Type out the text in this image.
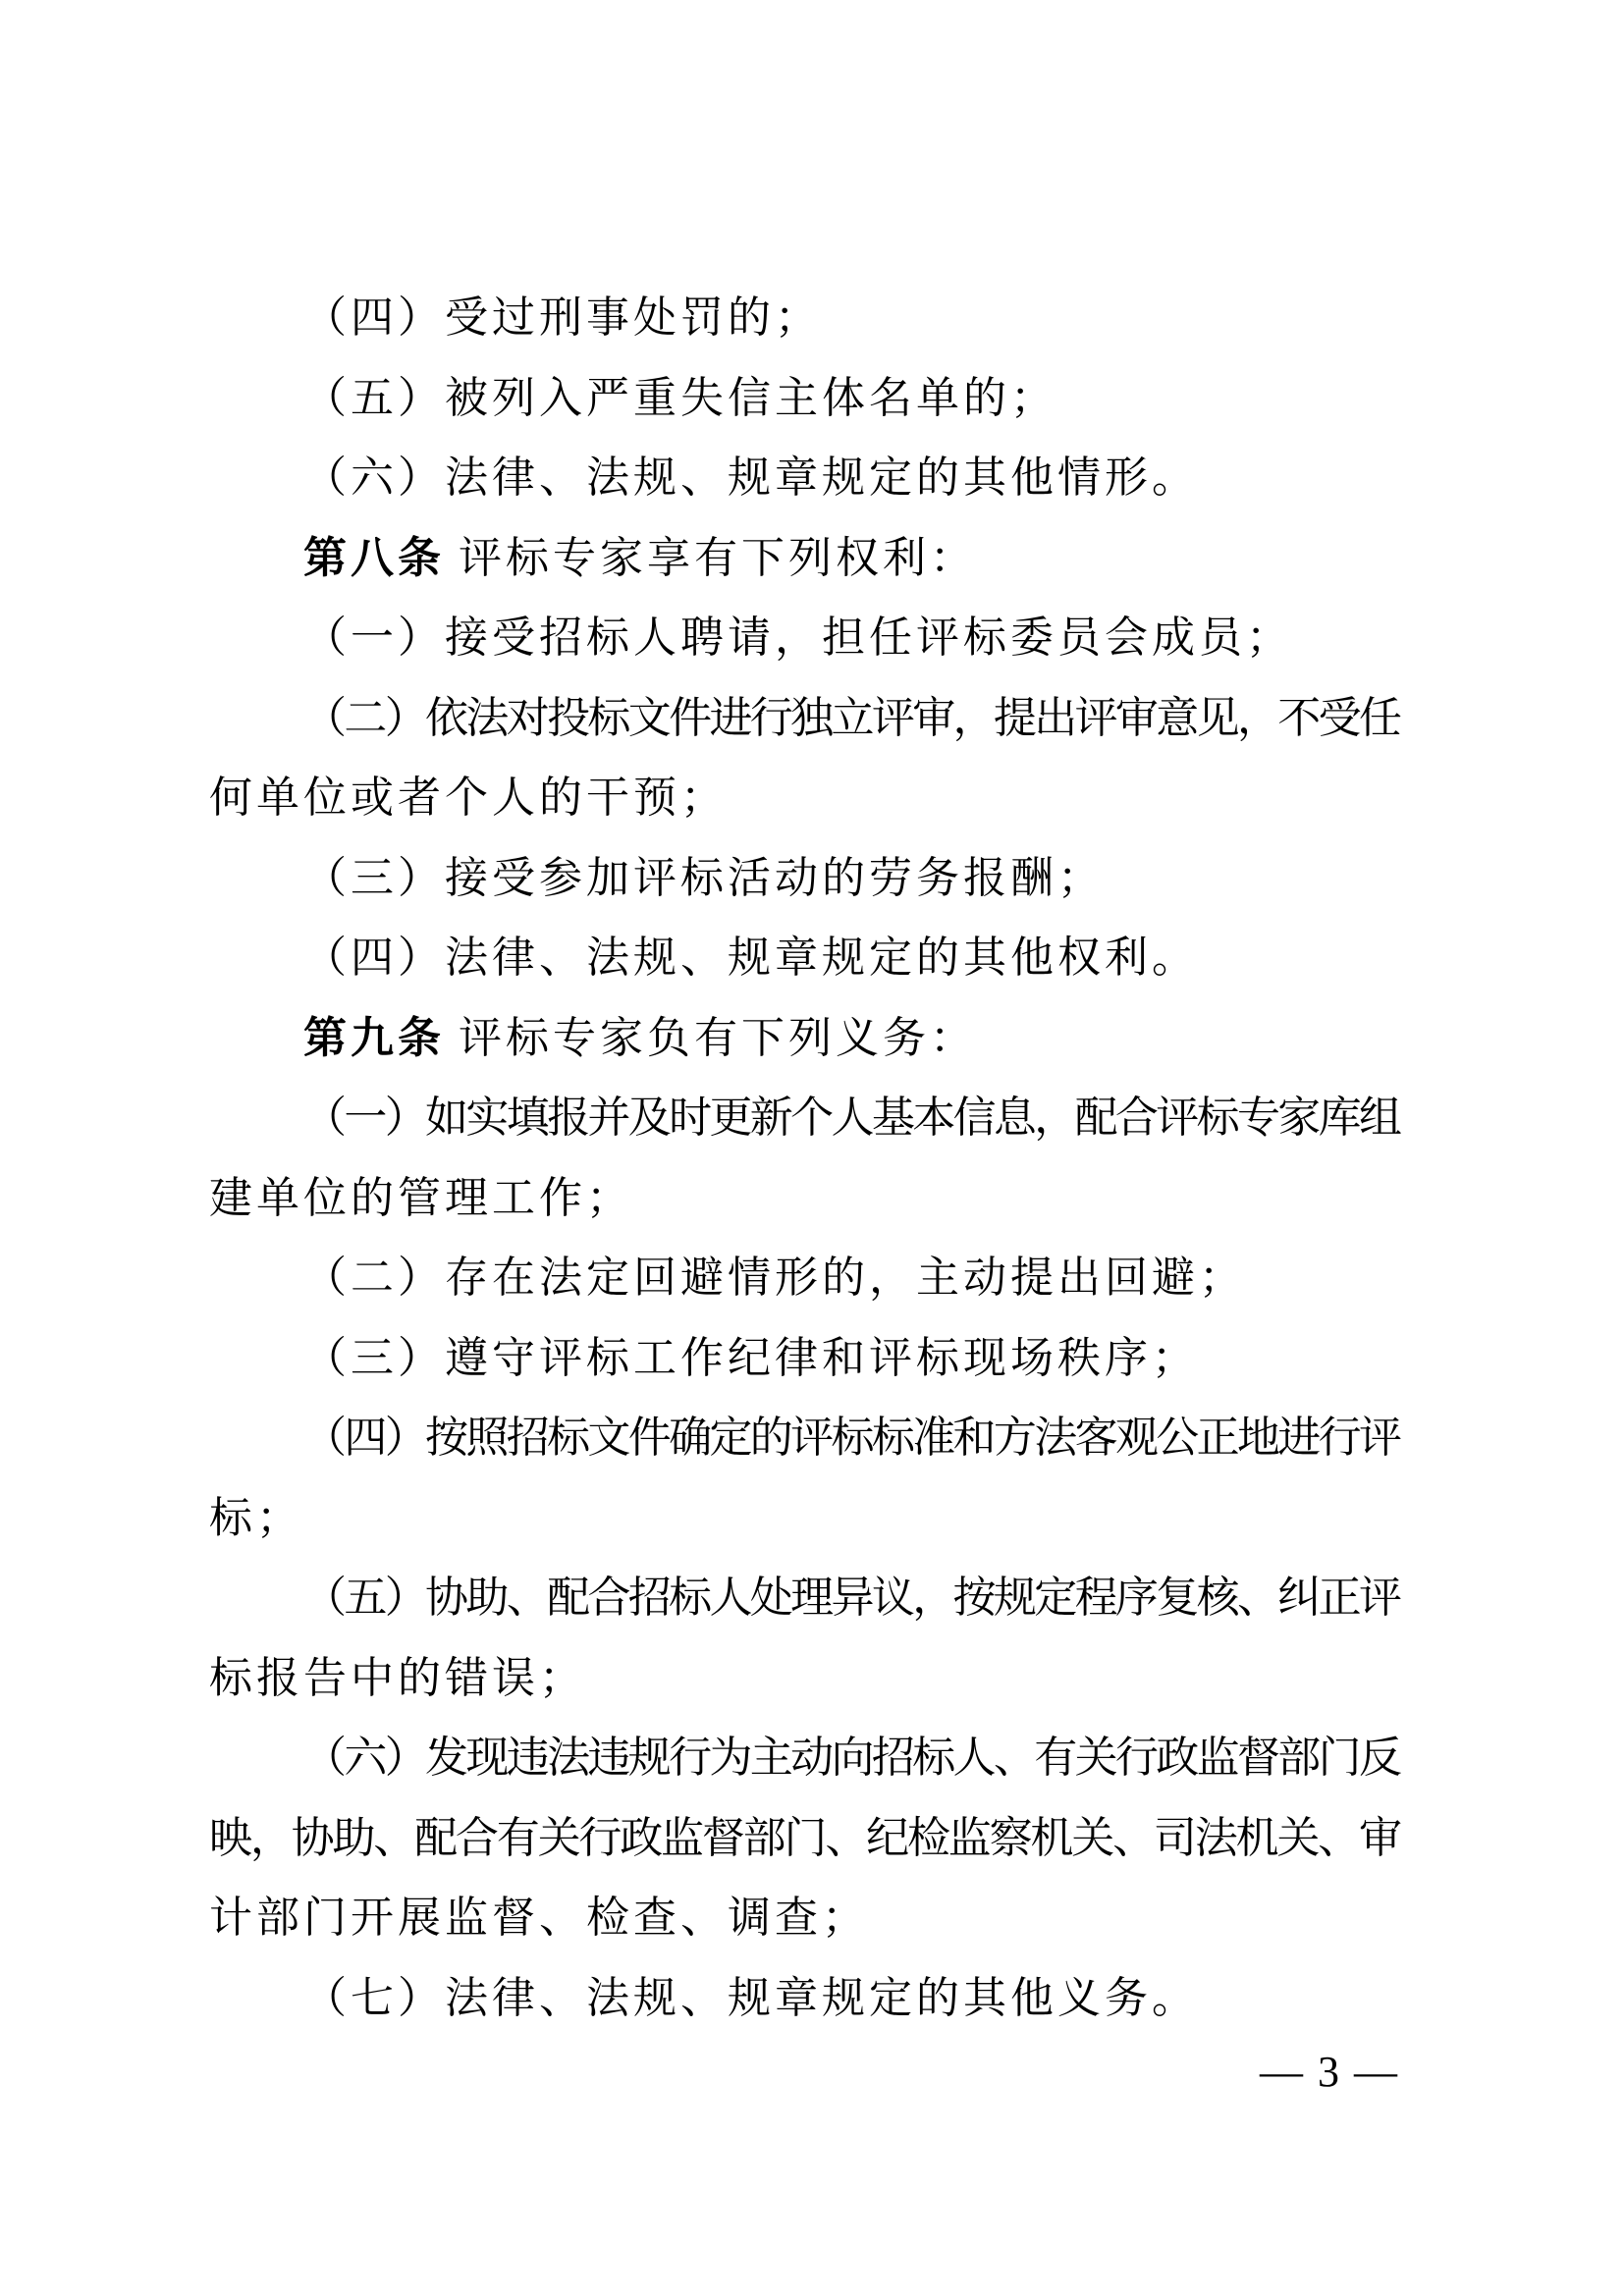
（四）受过刑事处罚的；
（五）被列入严重失信主体名单的；
（六）法律、法规、规章规定的其他情形。
第八条 评标专家享有下列权利：
（一）接受招标人聘请，担任评标委员会成员；
（二）依法对投标文件进行独立评审，提出评审意见，不受任
何单位或者个人的干预；
（三）接受参加评标活动的劳务报酬；
（四）法律、法规、规章规定的其他权利。
第九条 评标专家负有下列义务：
（一）如实填报并及时更新个人基本信息，配合评标专家库组
建单位的管理工作；
（二）存在法定回避情形的，主动提出回避；
（三）遵守评标工作纪律和评标现场秩序；
（四）按照招标文件确定的评标标准和方法客观公正地进行评
标；
（五）协助、配合招标人处理异议，按规定程序复核、纠正评
标报告中的错误；
（六）发现违法违规行为主动向招标人、有关行政监督部门反
映，协助、配合有关行政监督部门、纪检监察机关、司法机关、审
计部门开展监督、检查、调查；
（七）法律、法规、规章规定的其他义务。
— 3 —
